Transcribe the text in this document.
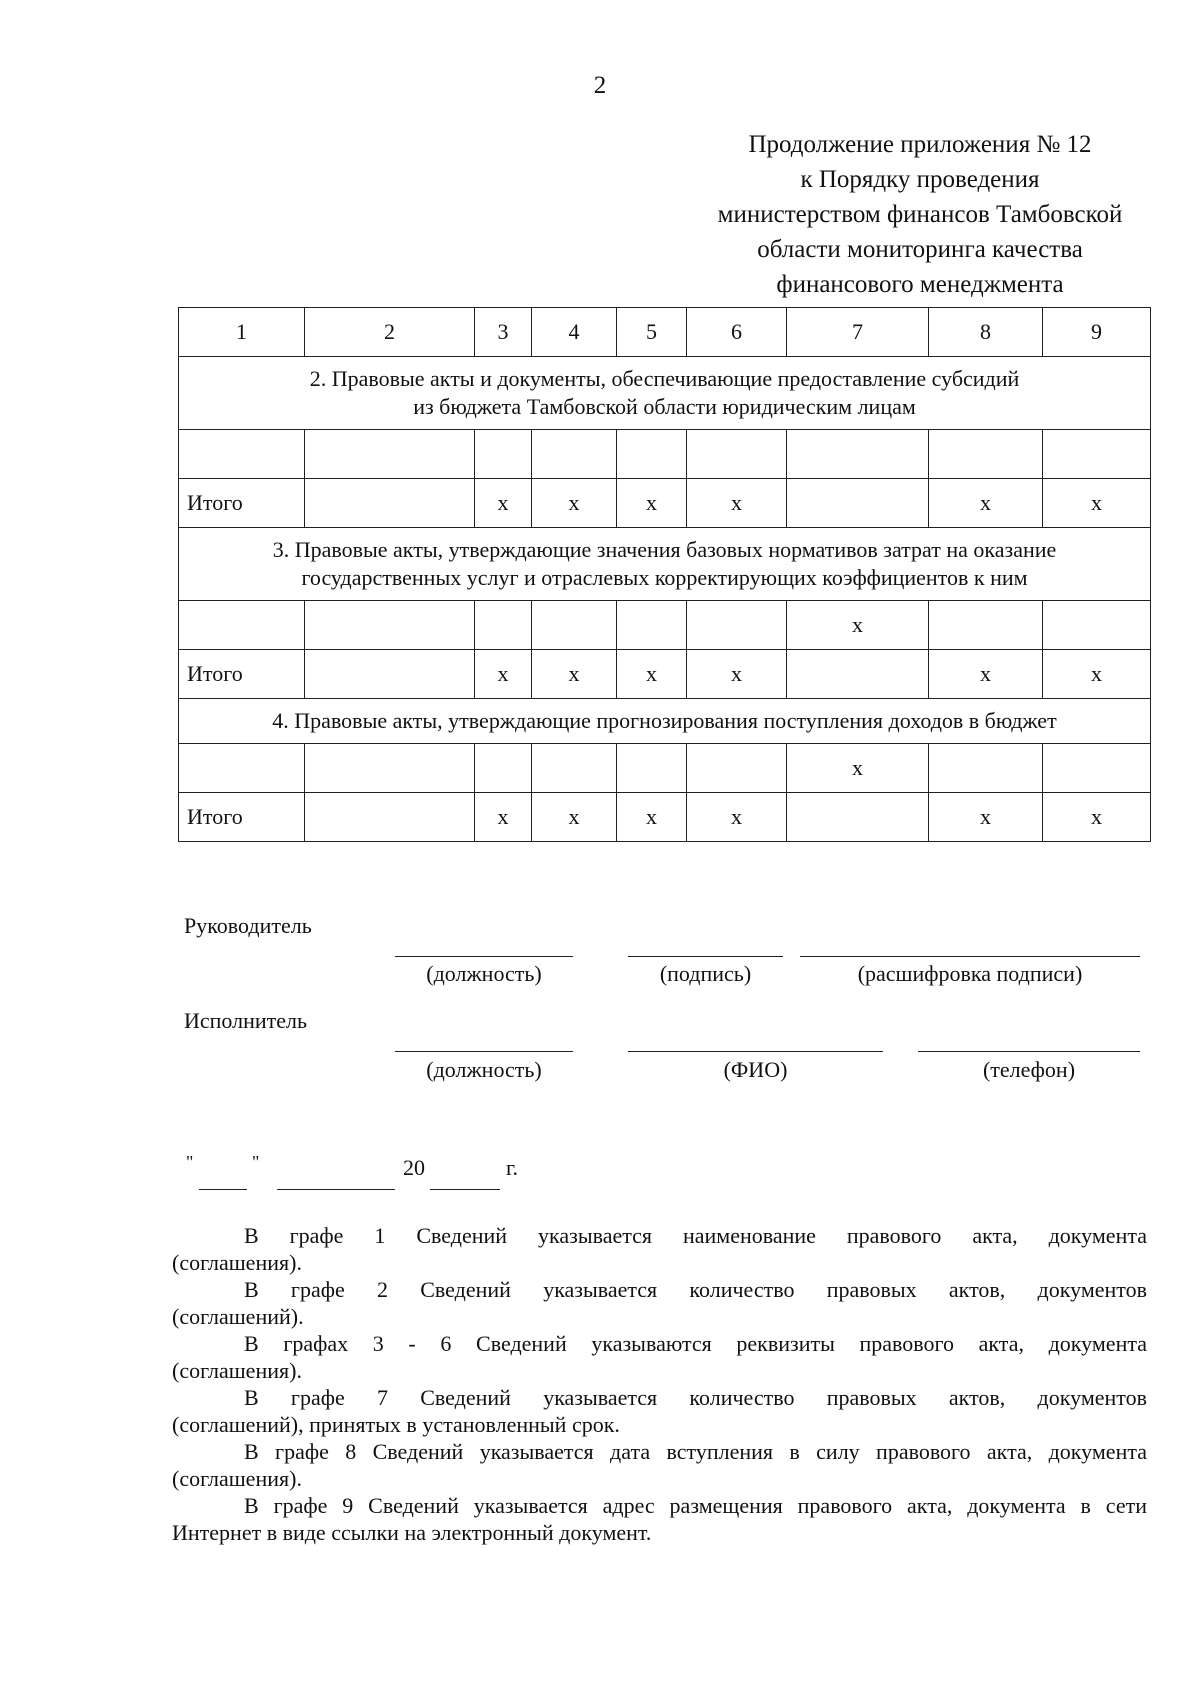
2
Продолжение приложения № 12
к Порядку проведения
министерством финансов Тамбовской
области мониторинга качества
финансового менеджмента
1	2	3	4	5	6	7	8	9

2. Правовые акты и документы, обеспечивающие предоставление субсидий
из бюджета Тамбовской области юридическим лицам								

Итого		x	x	x	x		x	x

3. Правовые акты, утверждающие значения базовых нормативов затрат на оказание
государственных услуг и отраслевых корректирующих коэффициентов к ним								

						x		
Итого		x	x	x	x		x	x

4. Правовые акты, утверждающие прогнозирования поступления доходов в бюджет								

						x		
Итого		x	x	x	x		x	x
Руководитель
(должность)	(подпись)	(расшифровка подписи)
Исполнитель
(должность)	(ФИО)	(телефон)
"	"	20	г.

В графе 1 Сведений указывается наименование правового акта, документа
(соглашения).

В графе 2 Сведений указывается количество правовых актов, документов
(соглашений).

В графах 3 - 6 Сведений указываются реквизиты правового акта, документа
(соглашения).

В графе 7 Сведений указывается количество правовых актов, документов
(соглашений), принятых в установленный срок.

В графе 8 Сведений указывается дата вступления в силу правового акта, документа
(соглашения).

В графе 9 Сведений указывается адрес размещения правового акта, документа в сети
Интернет в виде ссылки на электронный документ.
